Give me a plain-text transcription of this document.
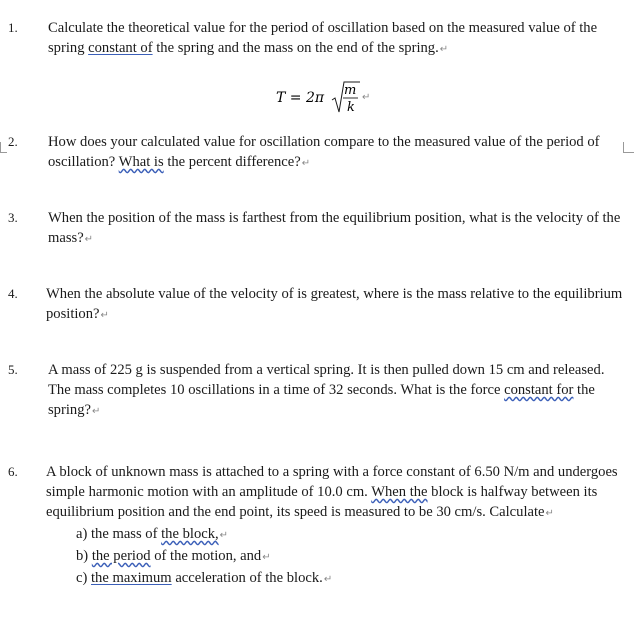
1. Calculate the theoretical value for the period of oscillation based on the measured value of the spring constant of the spring and the mass on the end of the spring.↵
T = 2π m
k
↵
2. How does your calculated value for oscillation compare to the measured value of the period of oscillation? What is the percent difference?↵
3. When the position of the mass is farthest from the equilibrium position, what is the velocity of the mass?↵
4. When the absolute value of the velocity of is greatest, where is the mass relative to the equilibrium position?↵
5. A mass of 225 g is suspended from a vertical spring. It is then pulled down 15 cm and released. The mass completes 10 oscillations in a time of 32 seconds. What is the force constant for the spring?↵
6. A block of unknown mass is attached to a spring with a force constant of 6.50 N/m and undergoes simple harmonic motion with an amplitude of 10.0 cm. When the block is halfway between its equilibrium position and the end point, its speed is measured to be 30 cm/s. Calculate↵
a) the mass of the block,↵
b) the period of the motion, and↵
c) the maximum acceleration of the block.↵
